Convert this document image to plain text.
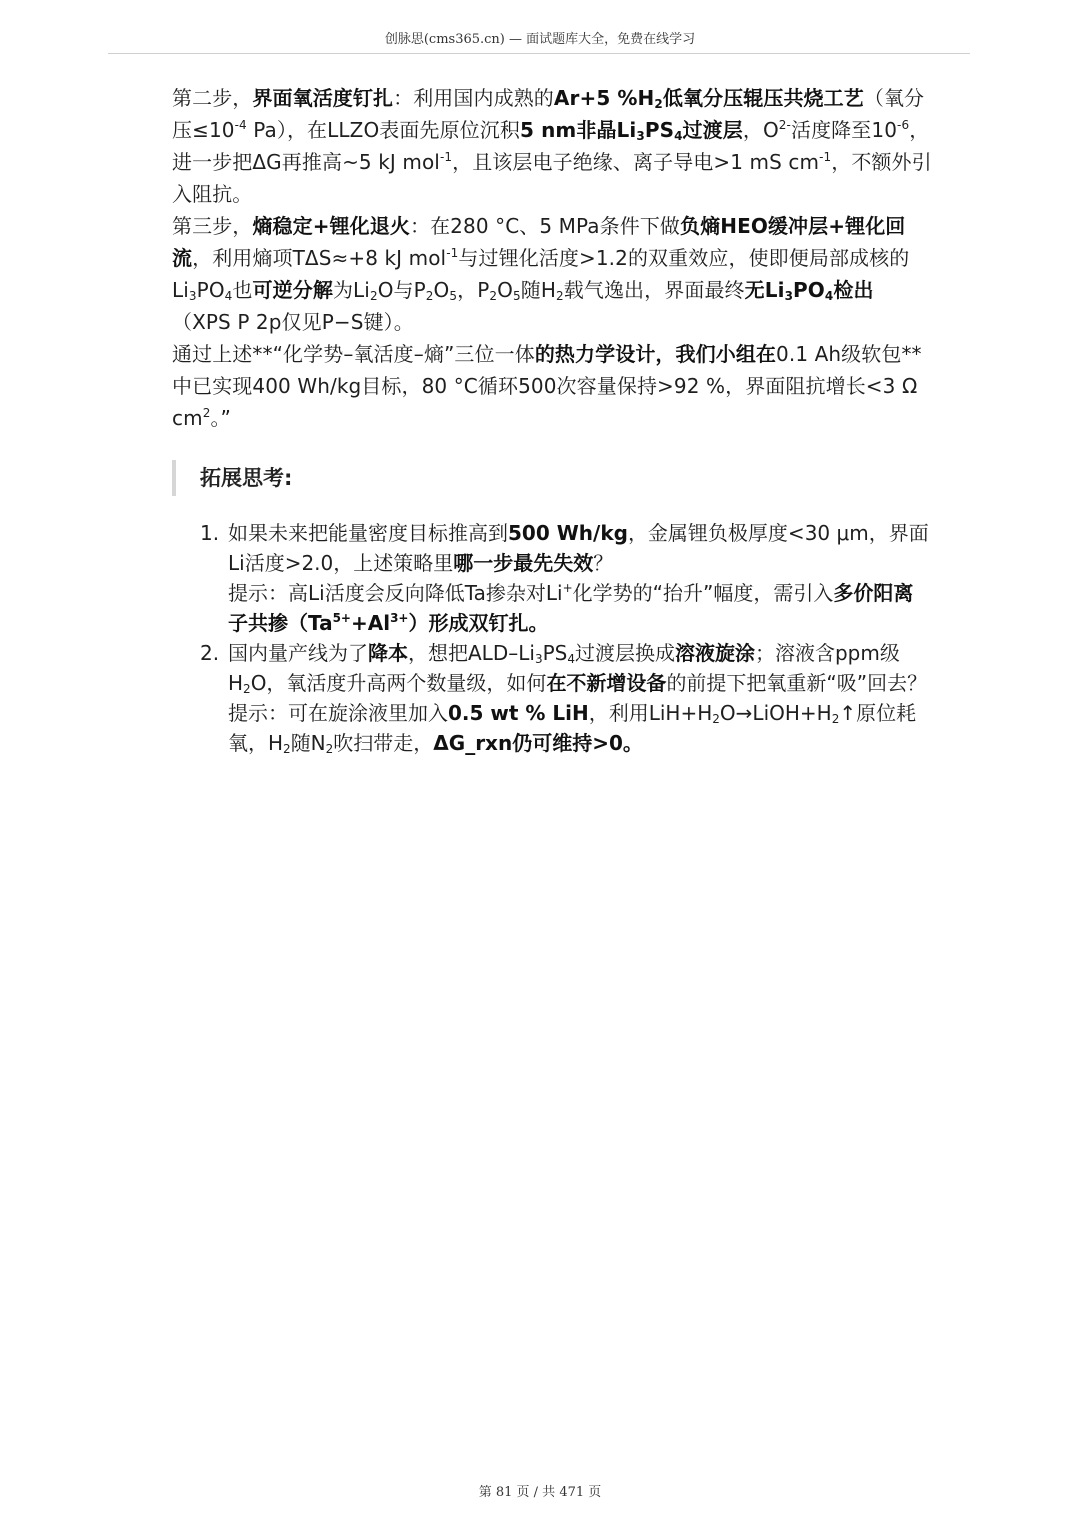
创脉思(cms365.cn) — 面试题库大全，免费在线学习

第二步，界面氧活度钉扎：利用国内成熟的Ar+5 $\%H_2$低氧分压辊压共烧工艺（氧分压$\le 10^{-4}$ Pa），在LLZO表面先原位沉积5 nm非晶$Li_3PS_4$过渡层，$O^{2-}$活度降至$10^{-6}$，进一步把ΔG再推高~5 kJ mol$^{-1}$，且该层电子绝缘、离子导电>1 mS $cm^{-1}$，不额外引入阻抗。

第三步，熵稳定+锂化退火：在280 °C、5 MPa条件下做负熵HEO缓冲层+锂化回流，利用熵项TΔS≈+8 kJ mol$^{-1}$与过锂化活度>1.2的双重效应，使即便局部成核的$Li_3PO_4$也可逆分解为$Li_2O$与$P_2O_5$，$P_2O_5$随$H_2$载气逸出，界面最终无$Li_3PO_4$检出（XPS P 2p仅见P−S键）。

通过上述**“化学势–氧活度–熵”三位一体的热力学设计，我们小组在0.1 Ah级软包**中已实现400 Wh/kg目标，80 °C循环500次容量保持>92 %，界面阻抗增长<3 Ω $cm^2$。”

拓展思考:
1. 如果未来把能量密度目标推高到500 Wh/kg，金属锂负极厚度<30 μm，界面Li活度>2.0，上述策略里哪一步最先失效？

提示：高Li活度会反向降低Ta掺杂对Li+化学势的“抬升”幅度，需引入多价阳离子共掺$(Ta^{5+}+Al^{3+})$形成双钉扎。

2. 国内量产线为了降本，想把ALD–$Li_3PS_4$过渡层换成溶液旋涂；溶液含ppm级$H_2O$，氧活度升高两个数量级，如何在不新增设备的前提下把氧重新“吸”回去？

提示：可在旋涂液里加入0.5 wt % LiH，利用$LiH+H_2O\to LiOH+H_2↑$原位耗氧，$H_2$随$N_2$吹扫带走，ΔG_rxn仍可维持>0。

第 81 页 / 共 471 页
